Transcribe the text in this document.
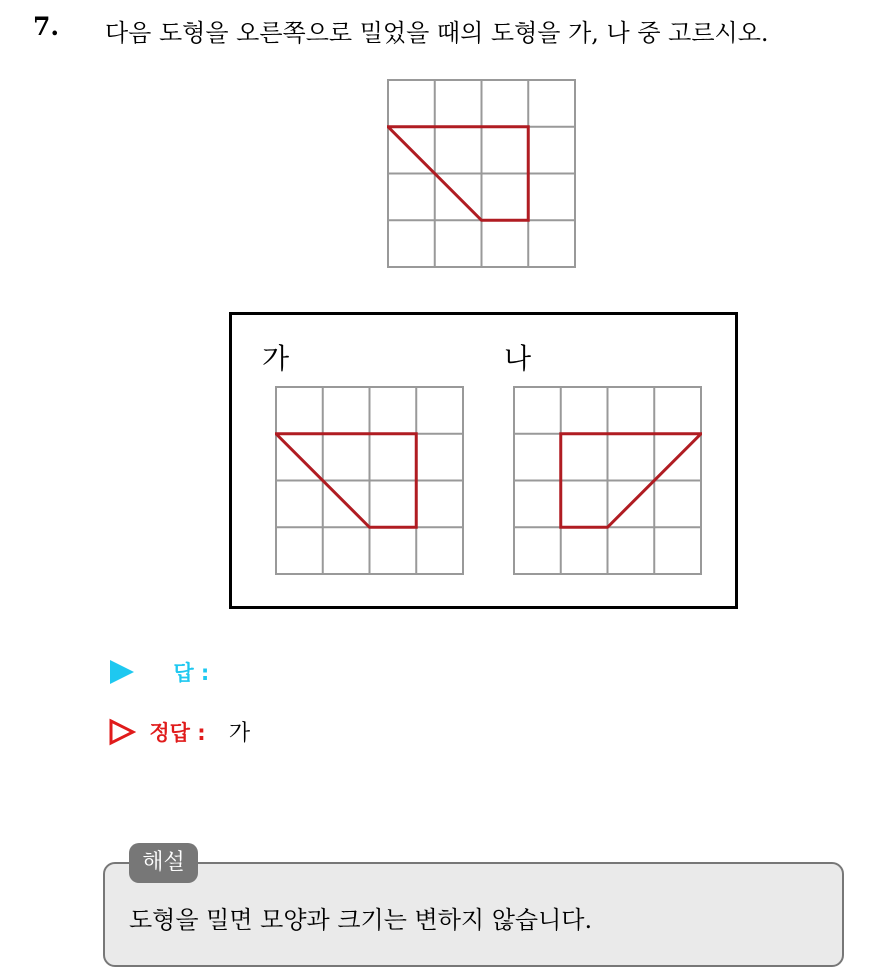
7. 다음 도형을 오른쪽으로 밀었을 때의 도형을 가, 나 중 고르시오.
가	나
답 :
정답 : 가
해설
도형을 밀면 모양과 크기는 변하지 않습니다.
